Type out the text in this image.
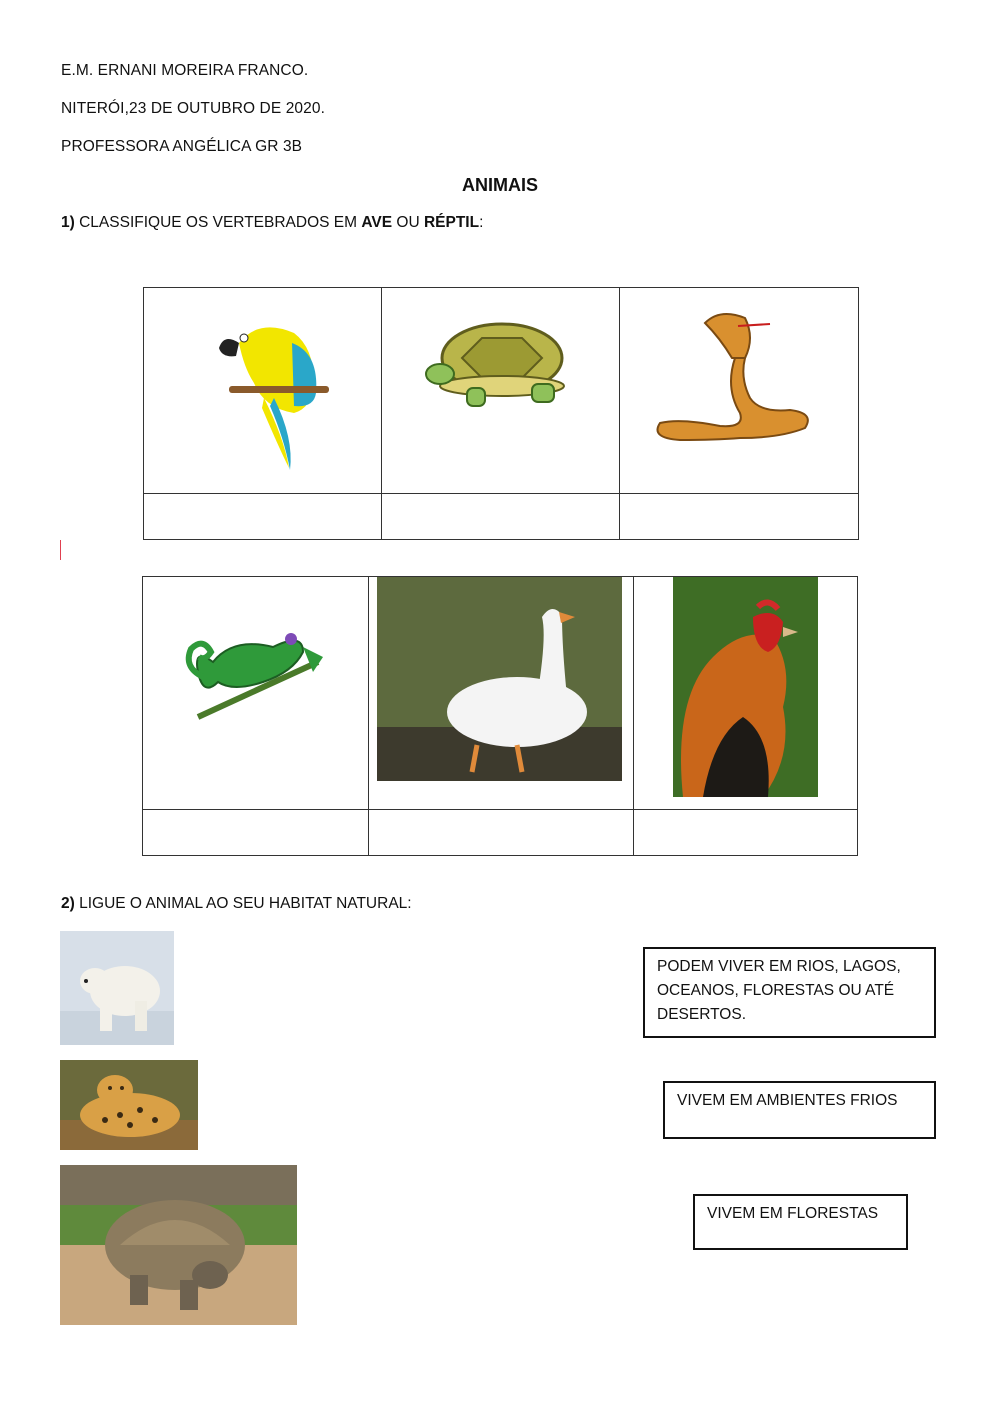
E.M. ERNANI MOREIRA FRANCO.
NITERÓI,23 DE OUTUBRO DE 2020.
PROFESSORA ANGÉLICA GR 3B
ANIMAIS
1) CLASSIFIQUE OS VERTEBRADOS EM AVE OU RÉPTIL:

2) LIGUE O ANIMAL AO SEU HABITAT NATURAL:
PODEM VIVER EM RIOS, LAGOS, OCEANOS, FLORESTAS OU ATÉ DESERTOS.
VIVEM EM AMBIENTES FRIOS
VIVEM EM FLORESTAS
